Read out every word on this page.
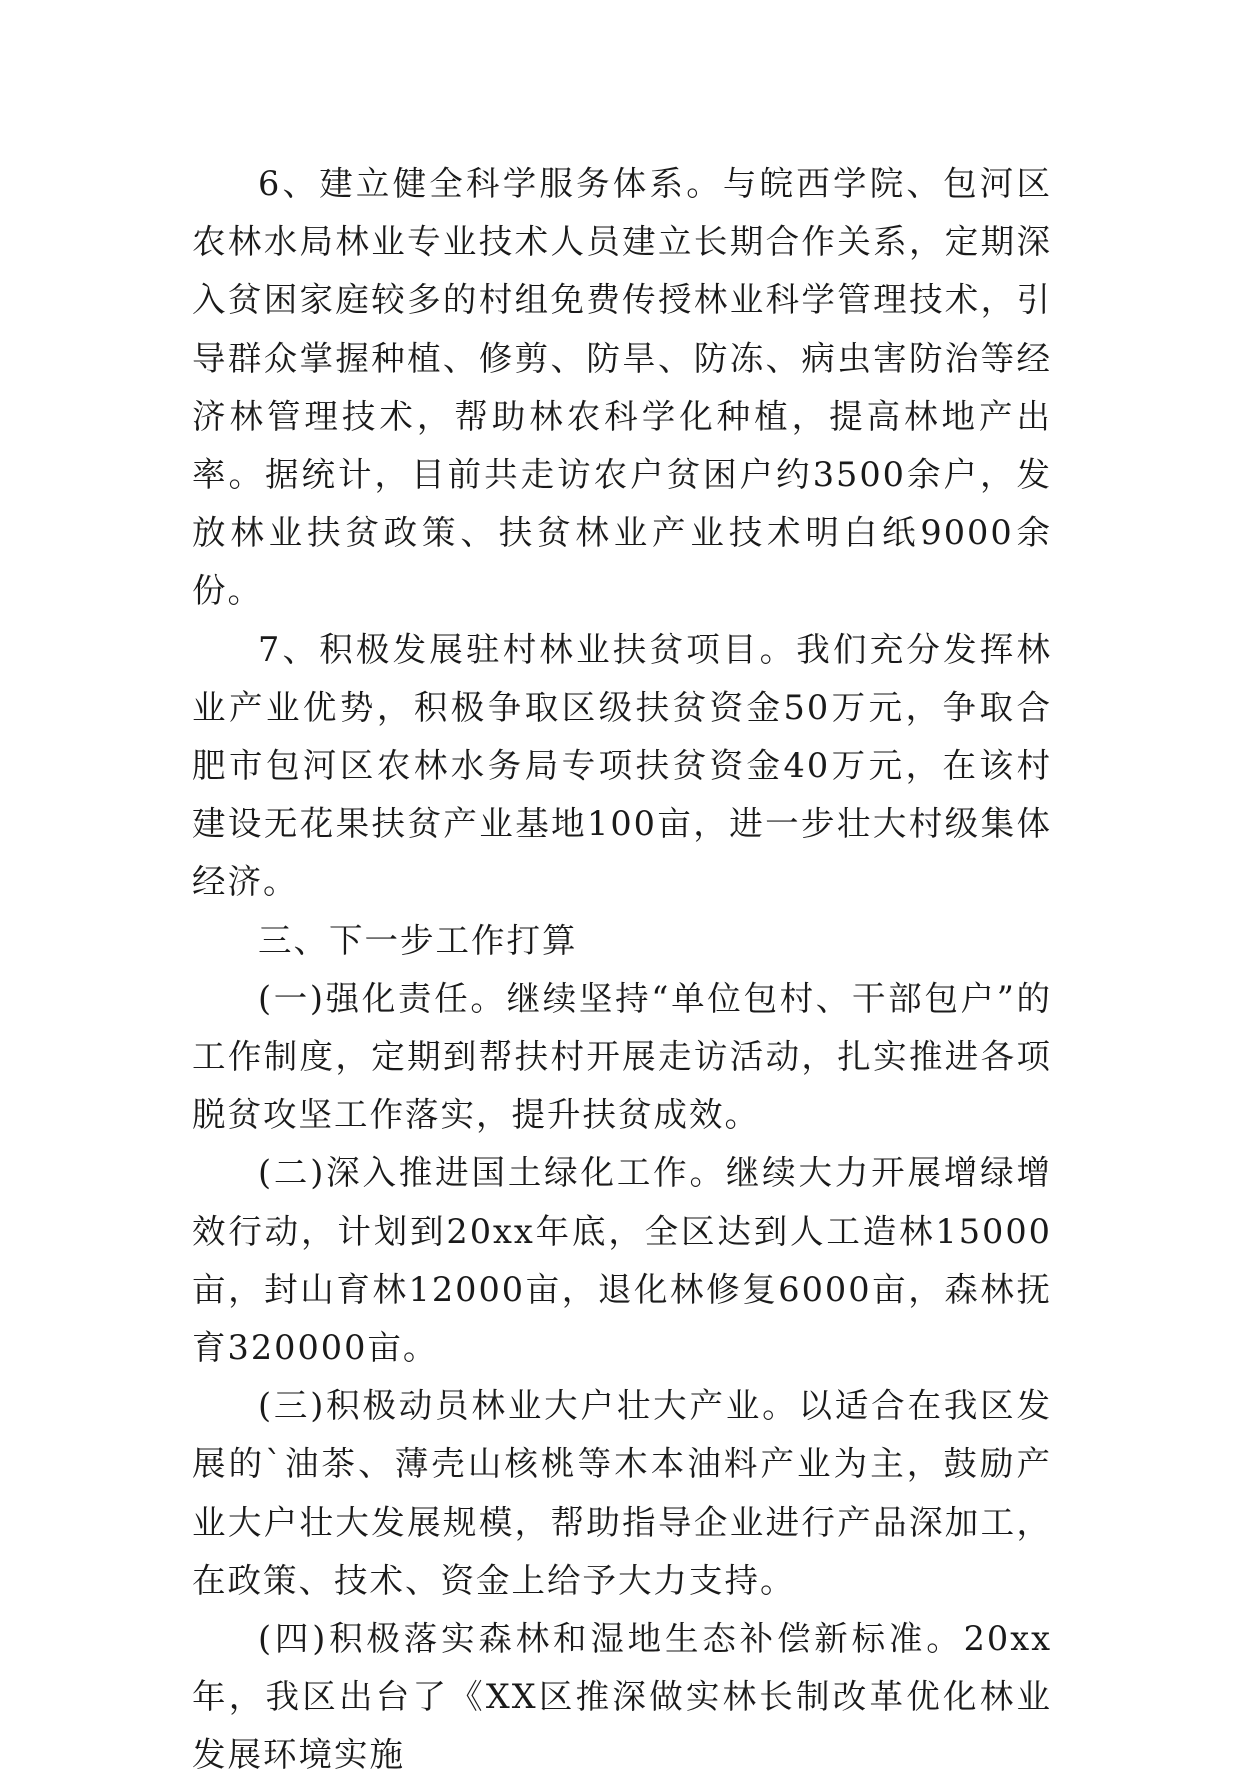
6、建立健全科学服务体系。与皖西学院、包河区农林水局林业专业技术人员建立长期合作关系，定期深入贫困家庭较多的村组免费传授林业科学管理技术，引导群众掌握种植、修剪、防旱、防冻、病虫害防治等经济林管理技术，帮助林农科学化种植，提高林地产出率。据统计，目前共走访农户贫困户约3500余户，发放林业扶贫政策、扶贫林业产业技术明白纸9000余份。

7、积极发展驻村林业扶贫项目。我们充分发挥林业产业优势，积极争取区级扶贫资金50万元，争取合肥市包河区农林水务局专项扶贫资金40万元，在该村建设无花果扶贫产业基地100亩，进一步壮大村级集体经济。

三、下一步工作打算

(一)强化责任。继续坚持“单位包村、干部包户”的工作制度，定期到帮扶村开展走访活动，扎实推进各项脱贫攻坚工作落实，提升扶贫成效。

(二)深入推进国土绿化工作。继续大力开展增绿增效行动，计划到20xx年底，全区达到人工造林15000亩，封山育林12000亩，退化林修复6000亩，森林抚育320000亩。

(三)积极动员林业大户壮大产业。以适合在我区发展的`油茶、薄壳山核桃等木本油料产业为主，鼓励产业大户壮大发展规模，帮助指导企业进行产品深加工，在政策、技术、资金上给予大力支持。

(四)积极落实森林和湿地生态补偿新标准。20xx年，我区出台了《XX区推深做实林长制改革优化林业发展环境实施
